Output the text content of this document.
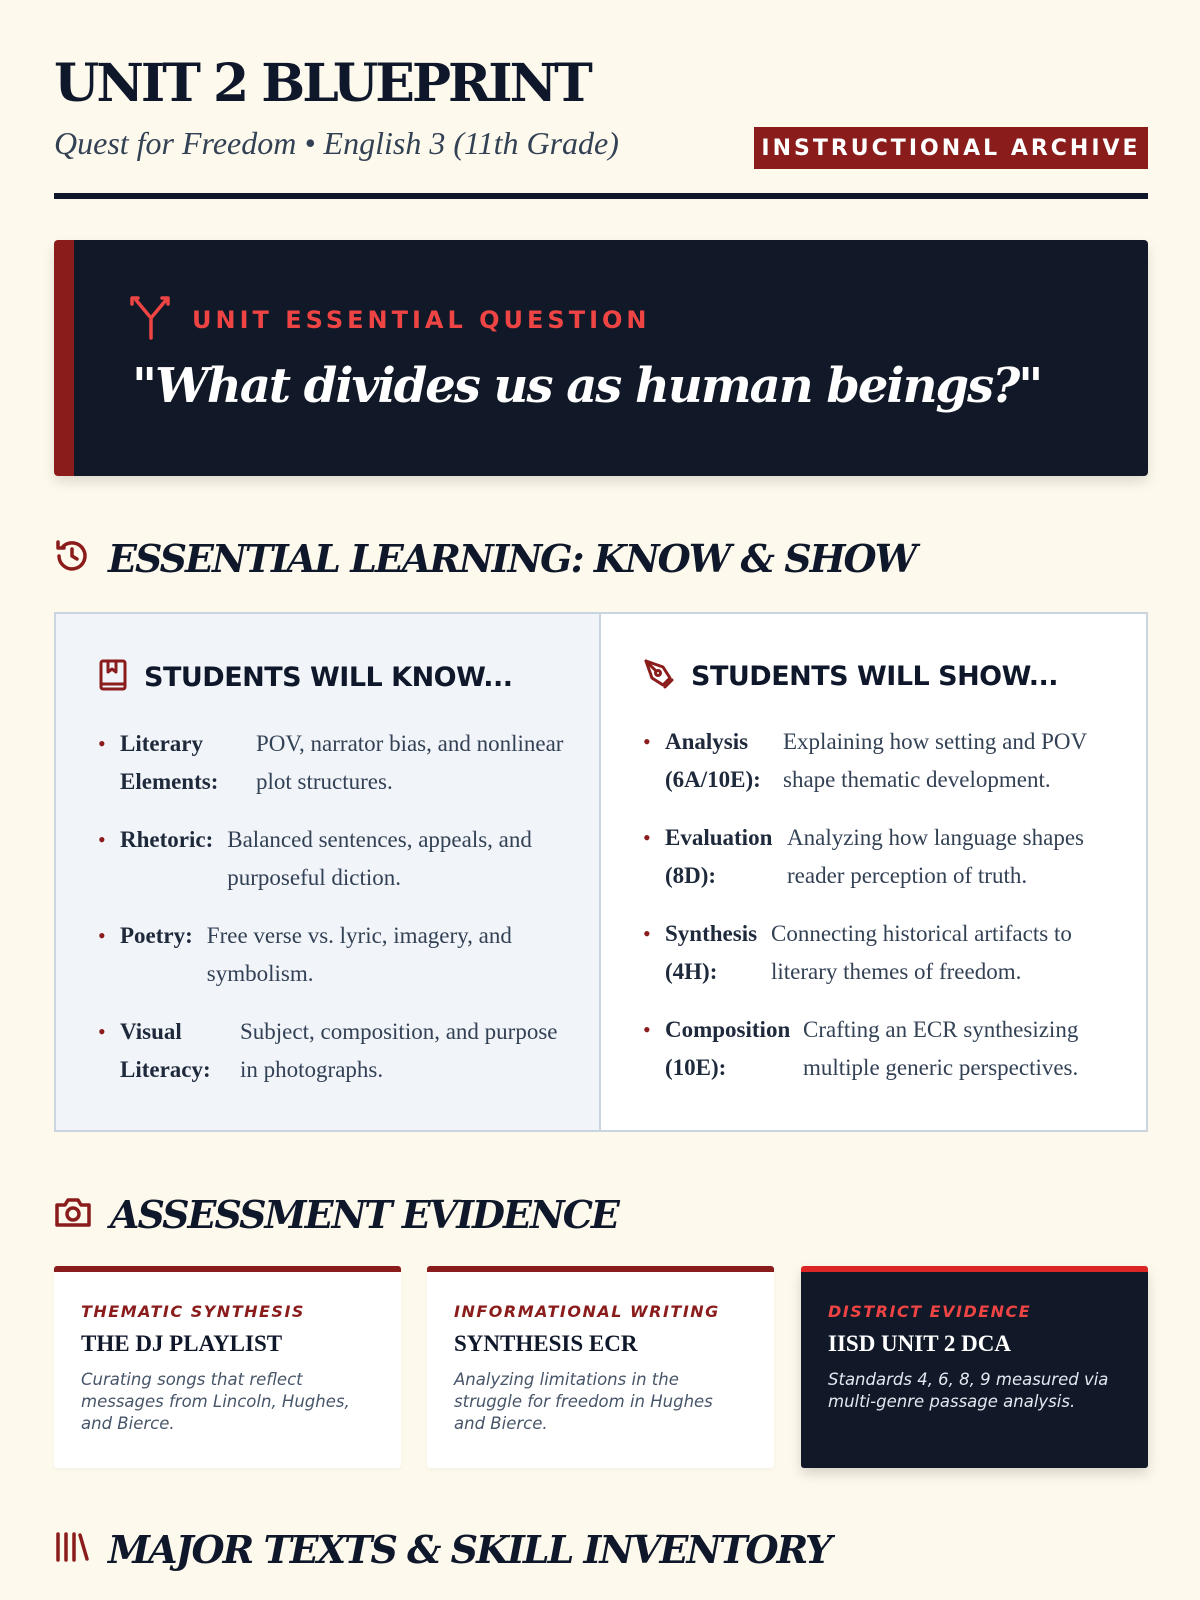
UNIT 2 BLUEPRINT
Quest for Freedom • English 3 (11th Grade)	INSTRUCTIONAL ARCHIVE
UNIT ESSENTIAL QUESTION
"What divides us as human beings?"
ESSENTIAL LEARNING: KNOW & SHOW
STUDENTS WILL KNOW...
• Literary Elements:
POV, narrator bias, and nonlinear plot structures.
• Rhetoric: Balanced sentences, appeals, and purposeful diction.
• Poetry: Free verse vs. lyric, imagery, and symbolism.
• Visual Literacy:
Subject, composition, and purpose in photographs.
STUDENTS WILL SHOW...
• Analysis (6A/10E):
Explaining how setting and POV shape thematic development.
• Evaluation (8D):
Analyzing how language shapes reader perception of truth.
• Synthesis (4H):
Connecting historical artifacts to literary themes of freedom.
• Composition (10E):
Crafting an ECR synthesizing multiple generic perspectives.
ASSESSMENT EVIDENCE
THEMATIC SYNTHESIS
THE DJ PLAYLIST
Curating songs that reflect messages from Lincoln, Hughes, and Bierce.
INFORMATIONAL WRITING
SYNTHESIS ECR
Analyzing limitations in the struggle for freedom in Hughes and Bierce.
DISTRICT EVIDENCE
IISD UNIT 2 DCA
Standards 4, 6, 8, 9 measured via multi-genre passage analysis.
MAJOR TEXTS & SKILL INVENTORY
